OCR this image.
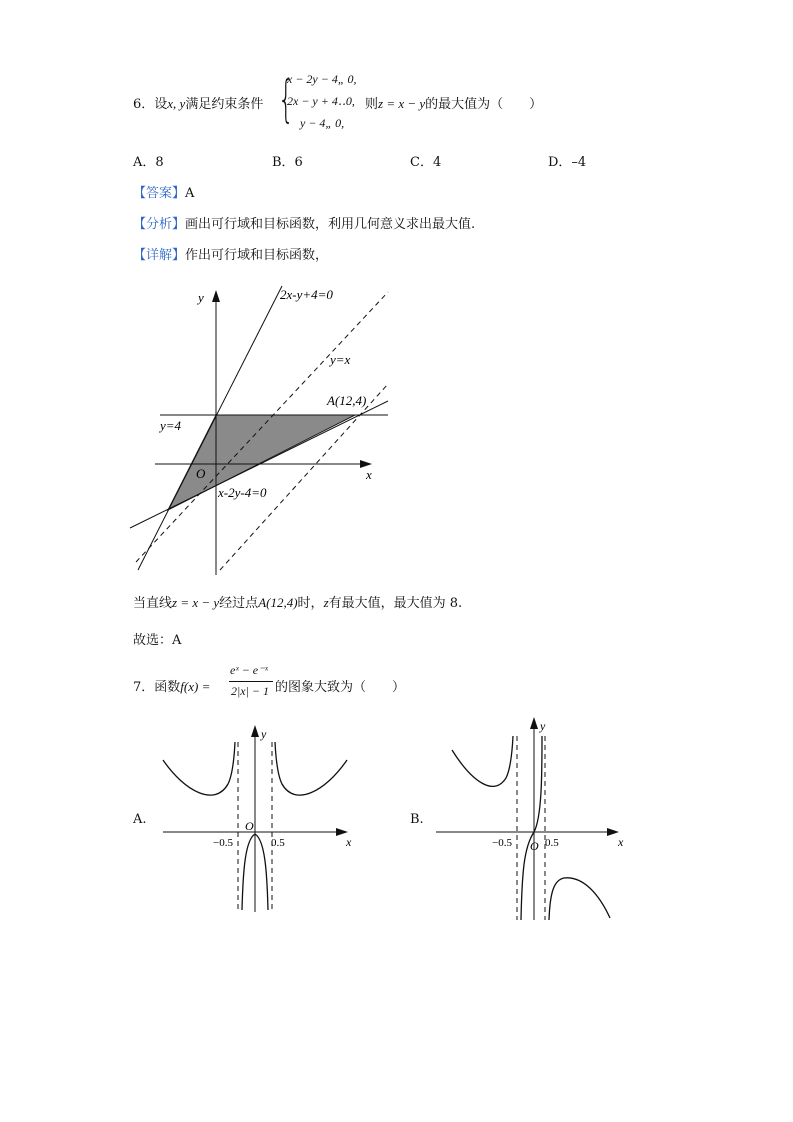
6．设x, y满足约束条件 {
x − 2y − 4„ 0,
2x − y + 4‥0,
y − 4„ 0,
则z = x − y的最大值为（　　）
A．8	B．6	C．4	D．–4
【答案】A
【分析】画出可行域和目标函数，利用几何意义求出最大值.
【详解】作出可行域和目标函数，
y
x
O
2x-y+4=0
y=x
A(12,4)
y=4
x-2y-4=0
当直线z = x − y经过点A(12,4)时，z有最大值，最大值为 8.
故选：A
7．函数f(x) =
eˣ − e⁻ˣ
2|x| − 1 的图象大致为（　　）
A.
y
x
O
−0.5	0.5
B.
y
x
O
−0.5	0.5
